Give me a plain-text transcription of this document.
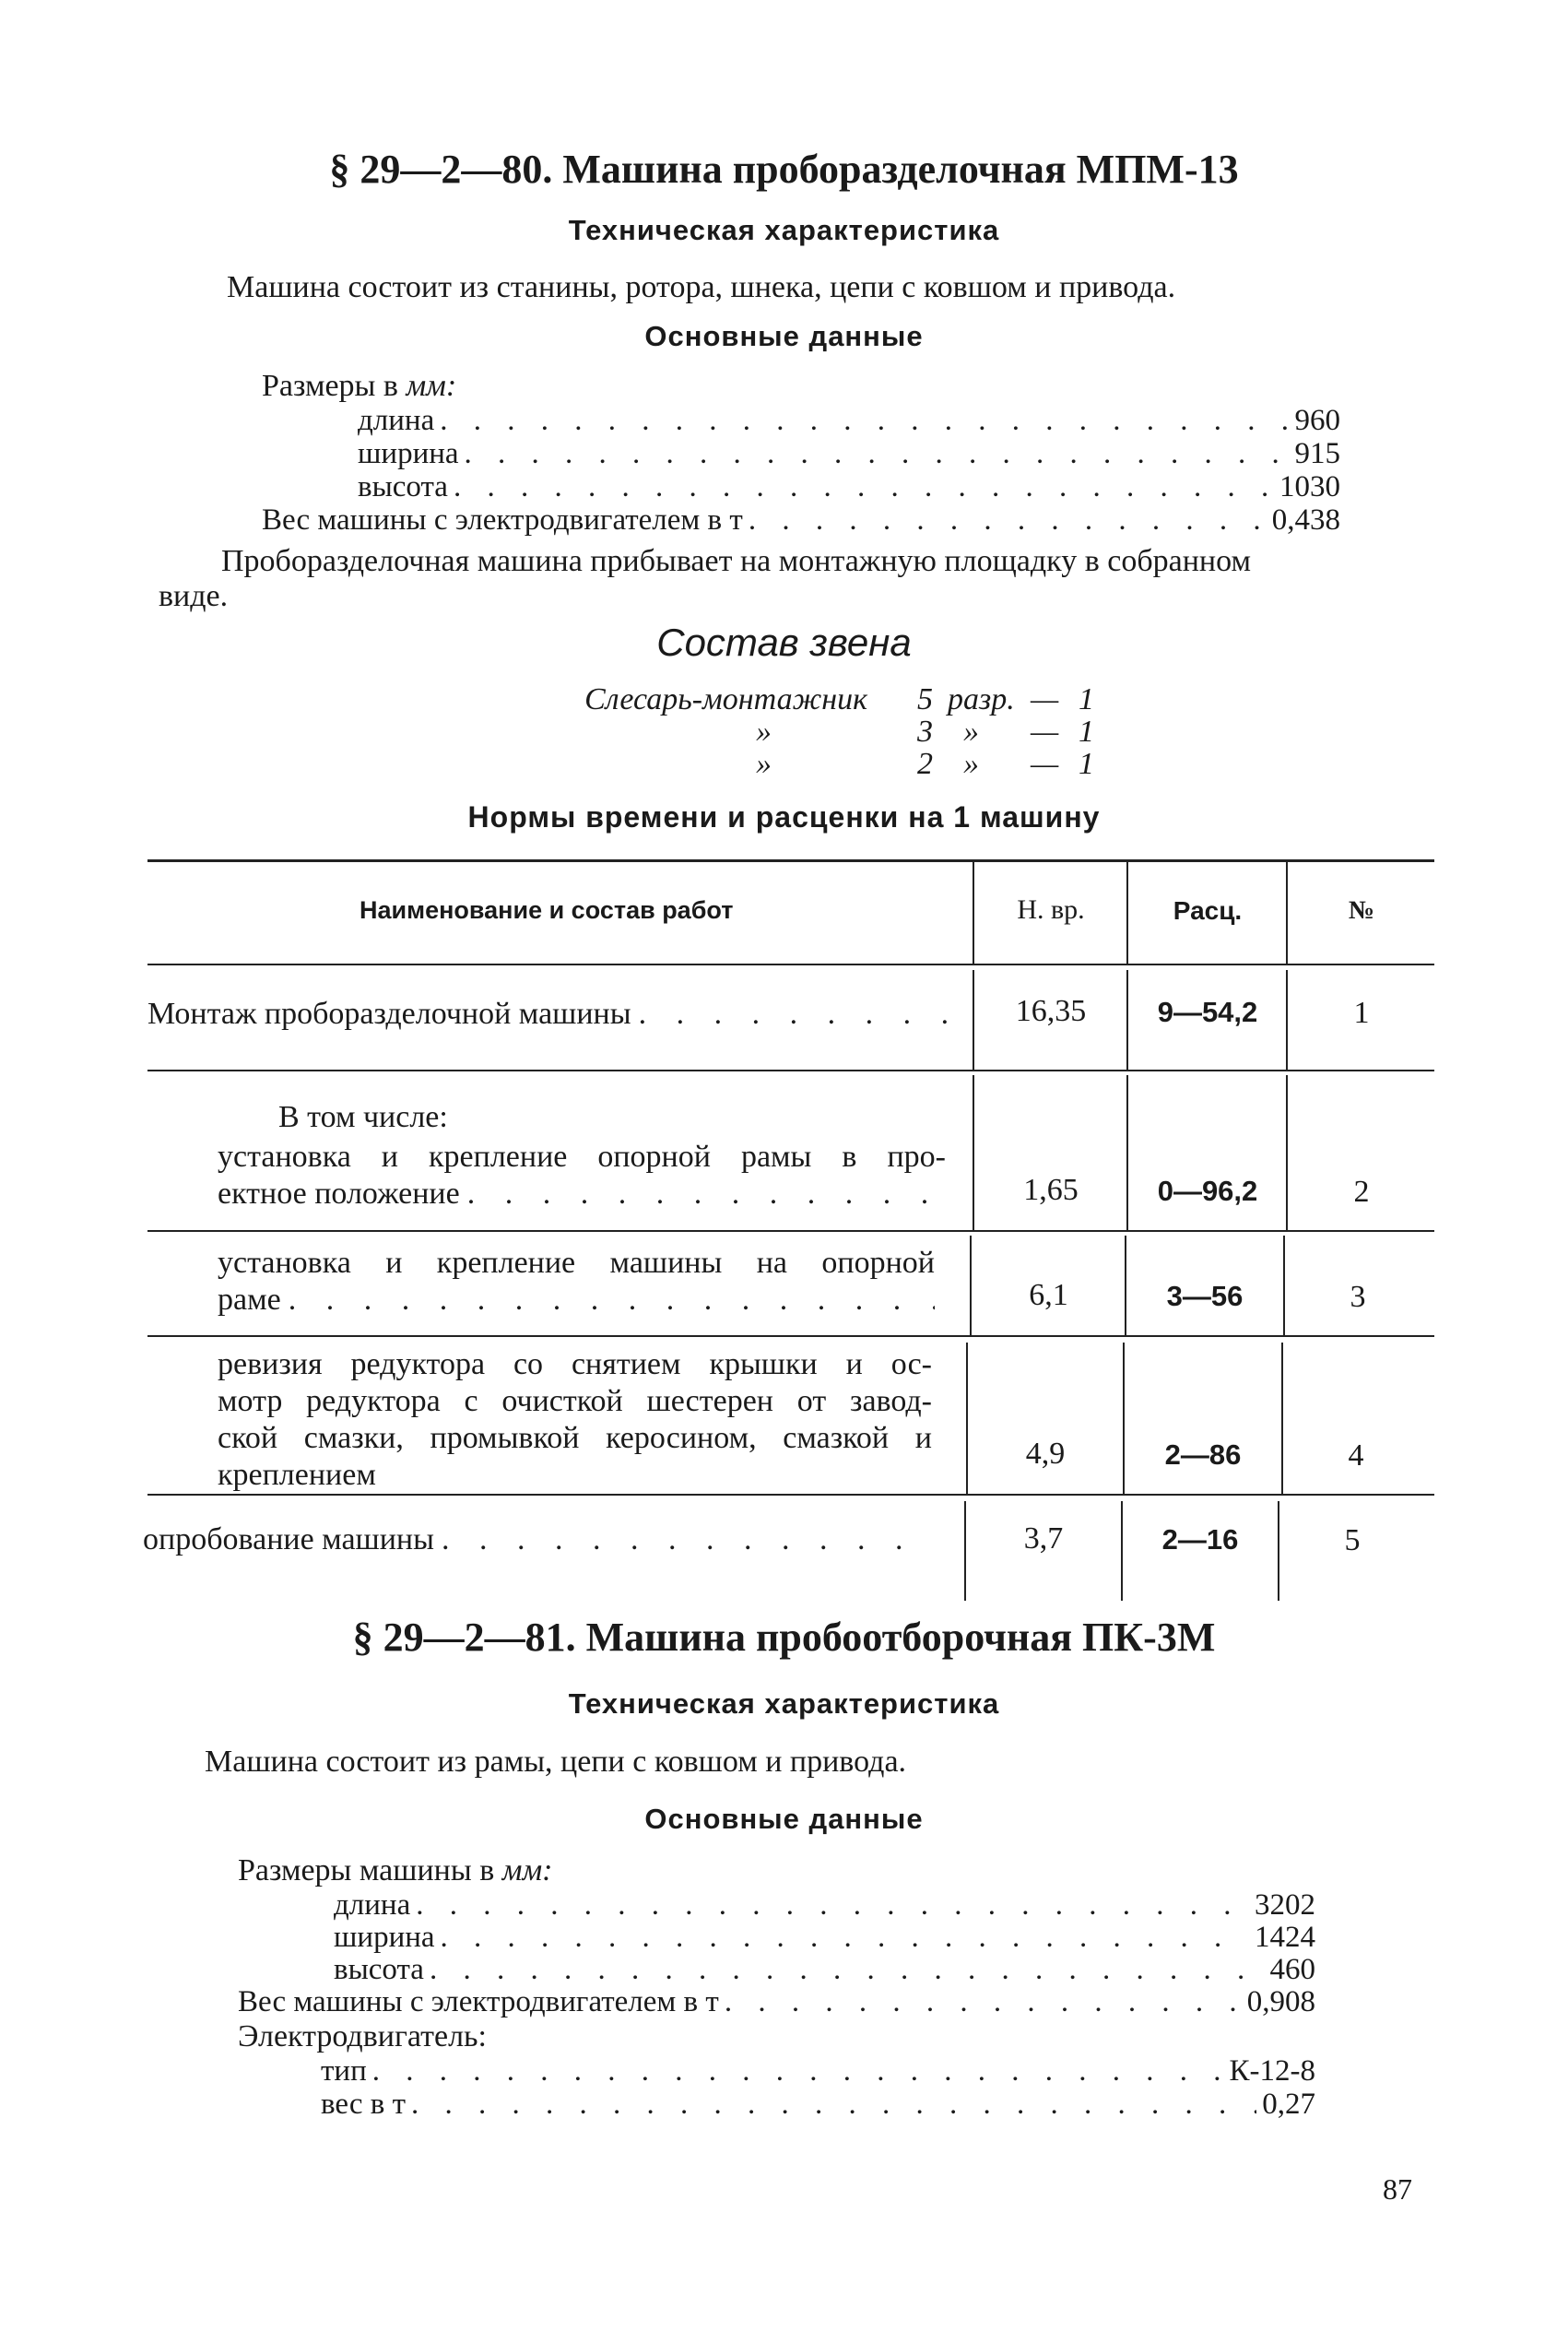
§ 29—2—80. Машина проборазделочная МПМ-13
Техническая характеристика
Машина состоит из станины, ротора, шнека, цепи с ковшом и привода.
Основные данные
Размеры в мм:
длина . . .	960
ширина . . .	915
высота . . .	1030
Вес машины с электродвигателем в т . . .	0,438
Проборазделочная машина прибывает на монтажную площадку в собранном
виде.
Состав звена
Слесарь-монтажник 5 разр. — 1
»	3 » — 1
»	2 » — 1
Нормы времени и расценки на 1 машину
Наименование и состав работ	Н. вр.	Расц.	№
Монтаж проборазделочной машины . . .	16,35	9—54,2	1
В том числе:
установка и крепление опорной рамы в про-
ектное положение . . .	1,65	0—96,2	2
установка и крепление машины на опорной
раме . . .	6,1	3—56	3
ревизия редуктора со снятием крышки и ос-
мотр редуктора с очисткой шестерен от завод-
ской смазки, промывкой керосином, смазкой и
креплением
4,9	2—86	4
опробование машины . . .	3,7	2—16	5
§ 29—2—81. Машина пробоотборочная ПК-3М
Техническая характеристика
Машина состоит из рамы, цепи с ковшом и привода.
Основные данные
Размеры машины в мм:
длина . . .	3202
ширина . . .	1424
высота . . .	460
Вес машины с электродвигателем в т . . .	0,908
Электродвигатель:
тип . . .	К-12-8
вес в т . . .	0,27
87
